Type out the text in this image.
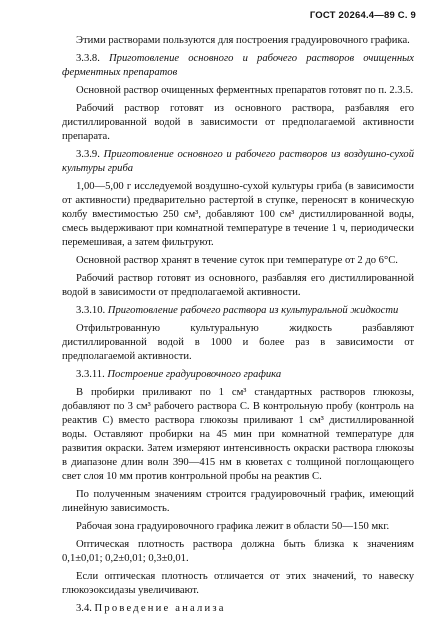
ГОСТ 20264.4—89 С. 9

Этими растворами пользуются для построения градуировочного графика.

3.3.8. Приготовление основного и рабочего растворов очищенных ферментных препаратов

Основной раствор очищенных ферментных препаратов готовят по п. 2.3.5.

Рабочий раствор готовят из основного раствора, разбавляя его дистиллированной водой в зависимости от предполагаемой активности препарата.

3.3.9. Приготовление основного и рабочего растворов из воздушно-сухой культуры гриба

1,00—5,00 г исследуемой воздушно-сухой культуры гриба (в зависимости от активности) предварительно растертой в ступке, переносят в коническую колбу вместимостью 250 см³, добавляют 100 см³ дистиллированной воды, смесь выдерживают при комнатной температуре в течение 1 ч, периодически перемешивая, а затем фильтруют.

Основной раствор хранят в течение суток при температуре от 2 до 6°С.

Рабочий раствор готовят из основного, разбавляя его дистиллированной водой в зависимости от предполагаемой активности.

3.3.10. Приготовление рабочего раствора из культуральной жидкости

Отфильтрованную культуральную жидкость разбавляют дистиллированной водой в 1000 и более раз в зависимости от предполагаемой активности.

3.3.11. Построение градуировочного графика

В пробирки приливают по 1 см³ стандартных растворов глюкозы, добавляют по 3 см³ рабочего раствора С. В контрольную пробу (контроль на реактив С) вместо раствора глюкозы приливают 1 см³ дистиллированной воды. Оставляют пробирки на 45 мин при комнатной температуре для развития окраски. Затем измеряют интенсивность окраски раствора глюкозы в диапазоне длин волн 390—415 нм в кюветах с толщиной поглощающего свет слоя 10 мм против контрольной пробы на реактив С.

По полученным значениям строится градуировочный график, имеющий линейную зависимость.

Рабочая зона градуировочного графика лежит в области 50—150 мкг.

Оптическая плотность раствора должна быть близка к значениям 0,1±0,01; 0,2±0,01; 0,3±0,01.

Если оптическая плотность отличается от этих значений, то навеску глюкоэоксидазы увеличивают.

3.4. Проведение анализа
